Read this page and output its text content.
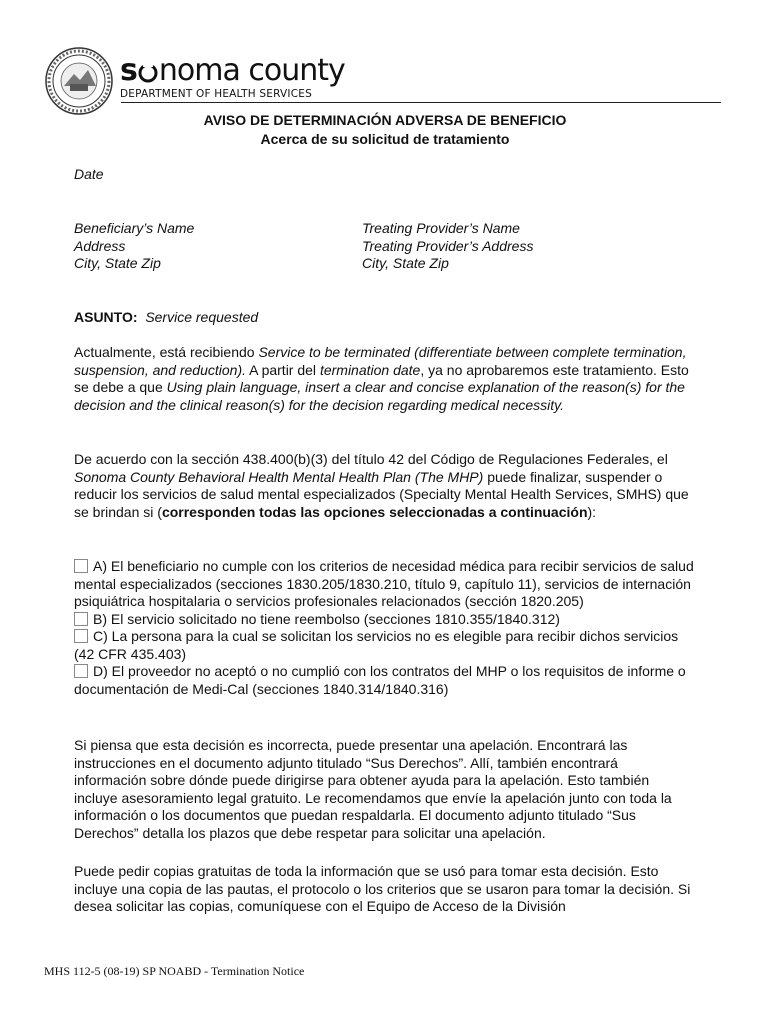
s noma county
DEPARTMENT OF HEALTH SERVICES
AVISO DE DETERMINACIÓN ADVERSA DE BENEFICIO
Acerca de su solicitud de tratamiento
Date
Beneficiary’s Name
Address
City, State Zip
Treating Provider’s Name
Treating Provider’s Address
City, State Zip
ASUNTO: Service requested
Actualmente, está recibiendo Service to be terminated (differentiate between complete termination, suspension, and reduction). A partir del termination date, ya no aprobaremos este tratamiento. Esto se debe a que Using plain language, insert a clear and concise explanation of the reason(s) for the decision and the clinical reason(s) for the decision regarding medical necessity.
De acuerdo con la sección 438.400(b)(3) del título 42 del Código de Regulaciones Federales, el Sonoma County Behavioral Health Mental Health Plan (The MHP) puede finalizar, suspender o reducir los servicios de salud mental especializados (Specialty Mental Health Services, SMHS) que se brindan si (corresponden todas las opciones seleccionadas a continuación):
A) El beneficiario no cumple con los criterios de necesidad médica para recibir servicios de salud mental especializados (secciones 1830.205/1830.210, título 9, capítulo 11), servicios de internación psiquiátrica hospitalaria o servicios profesionales relacionados (sección 1820.205)
B) El servicio solicitado no tiene reembolso (secciones 1810.355/1840.312)
C) La persona para la cual se solicitan los servicios no es elegible para recibir dichos servicios (42 CFR 435.403)
D) El proveedor no aceptó o no cumplió con los contratos del MHP o los requisitos de informe o documentación de Medi-Cal (secciones 1840.314/1840.316)
Si piensa que esta decisión es incorrecta, puede presentar una apelación. Encontrará las instrucciones en el documento adjunto titulado “Sus Derechos”. Allí, también encontrará información sobre dónde puede dirigirse para obtener ayuda para la apelación. Esto también incluye asesoramiento legal gratuito. Le recomendamos que envíe la apelación junto con toda la información o los documentos que puedan respaldarla. El documento adjunto titulado “Sus Derechos” detalla los plazos que debe respetar para solicitar una apelación.
Puede pedir copias gratuitas de toda la información que se usó para tomar esta decisión. Esto incluye una copia de las pautas, el protocolo o los criterios que se usaron para tomar la decisión. Si desea solicitar las copias, comuníquese con el Equipo de Acceso de la División
MHS 112-5 (08-19) SP NOABD - Termination Notice
